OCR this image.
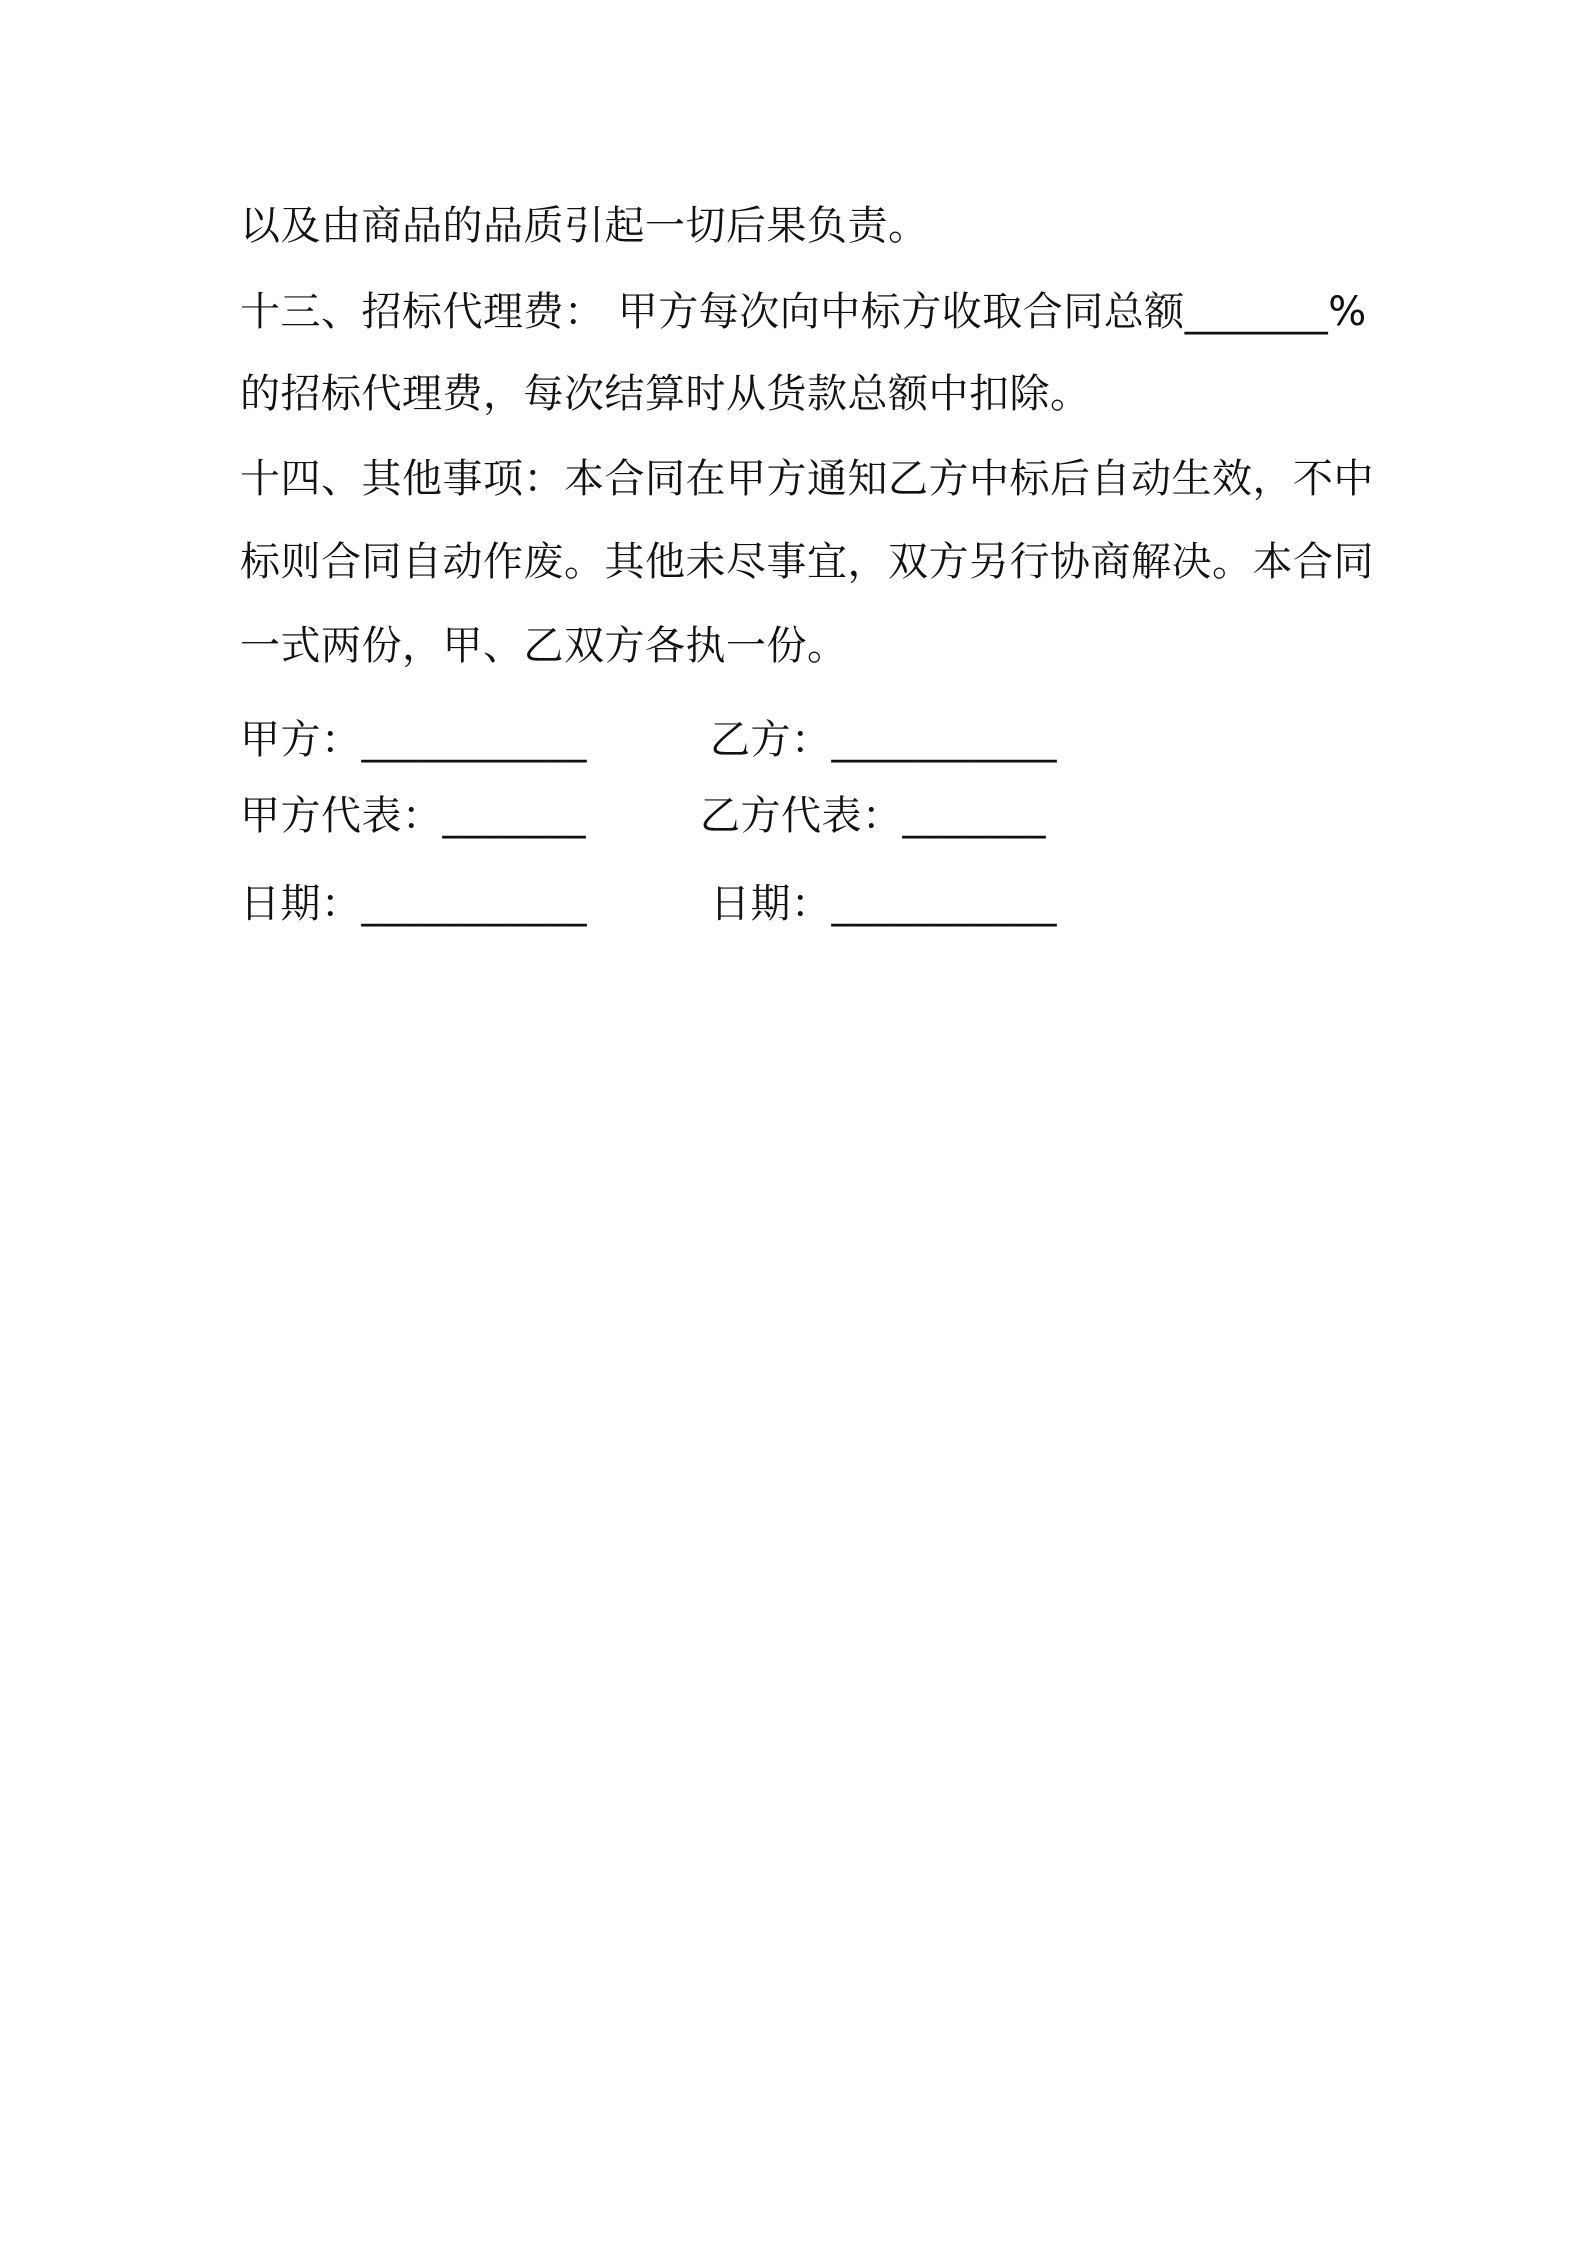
以及由商品的品质引起一切后果负责。
十三、招标代理费： 甲方每次向中标方收取合同总额_______%
的招标代理费，每次结算时从货款总额中扣除。
十四、其他事项：本合同在甲方通知乙方中标后自动生效，不中
标则合同自动作废。其他未尽事宜，双方另行协商解决。本合同
一式两份，甲、乙双方各执一份。
甲方：___________	乙方：___________
甲方代表：_______	乙方代表：_______
日期：___________	日期：___________
